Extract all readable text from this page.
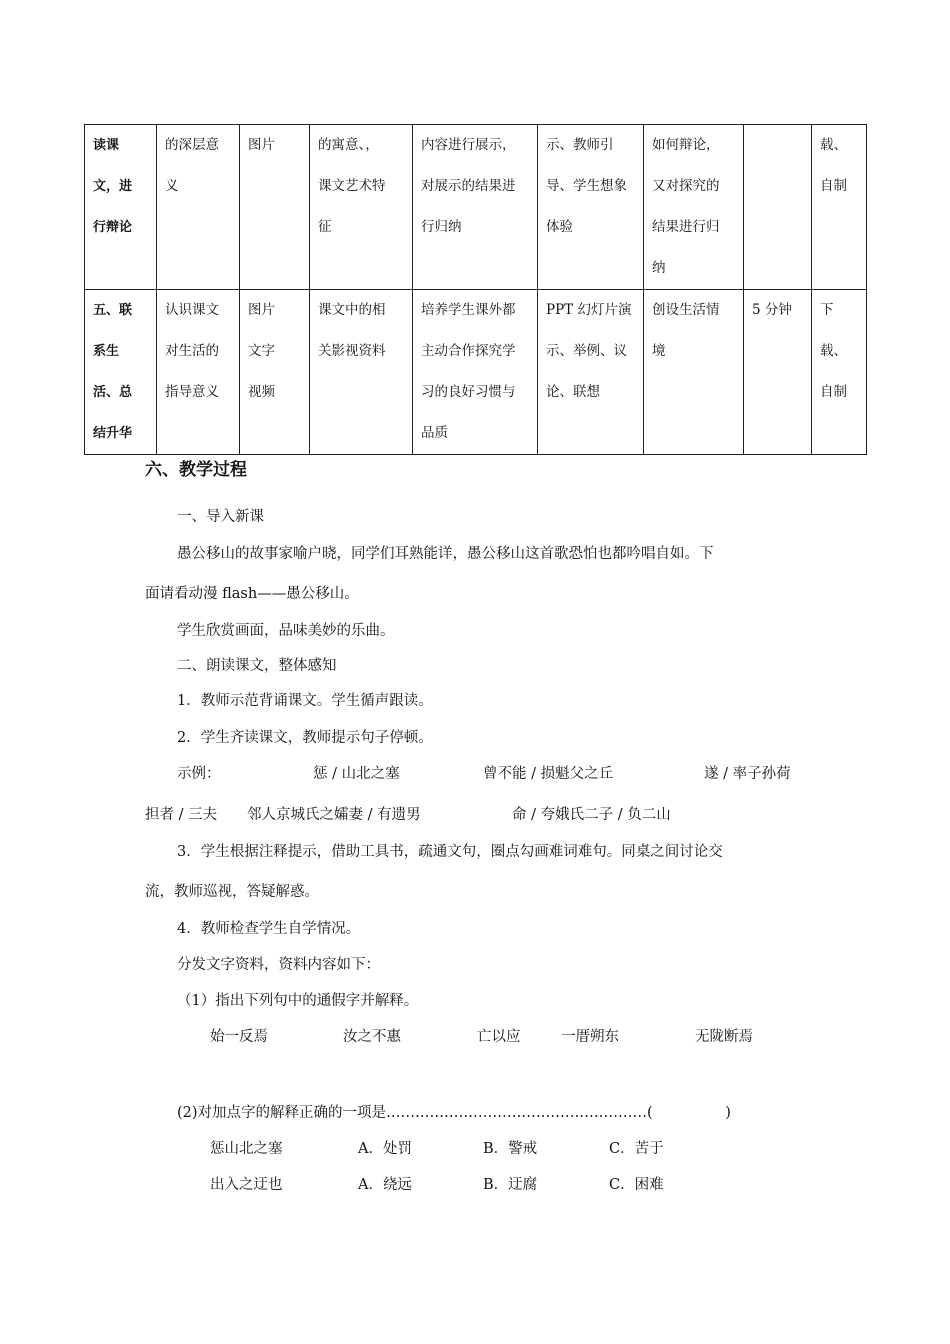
读课
文，进
行辩论	的深层意
义	图片	的寓意、，
课文艺术特
征	内容进行展示，
对展示的结果进
行归纳	示、教师引
导、学生想象
体验	如何辩论，
又对探究的
结果进行归
纳		载、
自制

五、联
系生
活、总
结升华	认识课文
对生活的
指导意义	图片
文字
视频	课文中的相
关影视资料	培养学生课外都
主动合作探究学
习的良好习惯与
品质	PPT 幻灯片演
示、举例、议
论、联想	创设生活情
境	5 分钟	下
载、
自制
六、教学过程
一、导入新课
愚公移山的故事家喻户晓，同学们耳熟能详，愚公移山这首歌恐怕也都吟唱自如。下
面请看动漫 flash——愚公移山。
学生欣赏画面，品味美妙的乐曲。
二、朗读课文，整体感知
1．教师示范背诵课文。学生循声跟读。
2．学生齐读课文，教师提示句子停顿。
示例：	惩 / 山北之塞	曾不能 / 损魁父之丘	遂 / 率子孙荷
担者 / 三夫 邻人京城氏之孀妻 / 有遗男	命 / 夸娥氏二子 / 负二山
3．学生根据注释提示，借助工具书，疏通文句，圈点勾画难词难句。同桌之间讨论交
流，教师巡视，答疑解惑。
4．教师检查学生自学情况。
分发文字资料，资料内容如下：
（1）指出下列句中的通假字并解释。
始一反焉	汝之不惠	亡以应	一厝朔东	无陇断焉
(2)对加点字的解释正确的一项是………………………………………………(　　　　　)
惩山北之塞	A．处罚	B．警戒	C．苦于
出入之迂也	A．绕远	B．迂腐	C．困难
